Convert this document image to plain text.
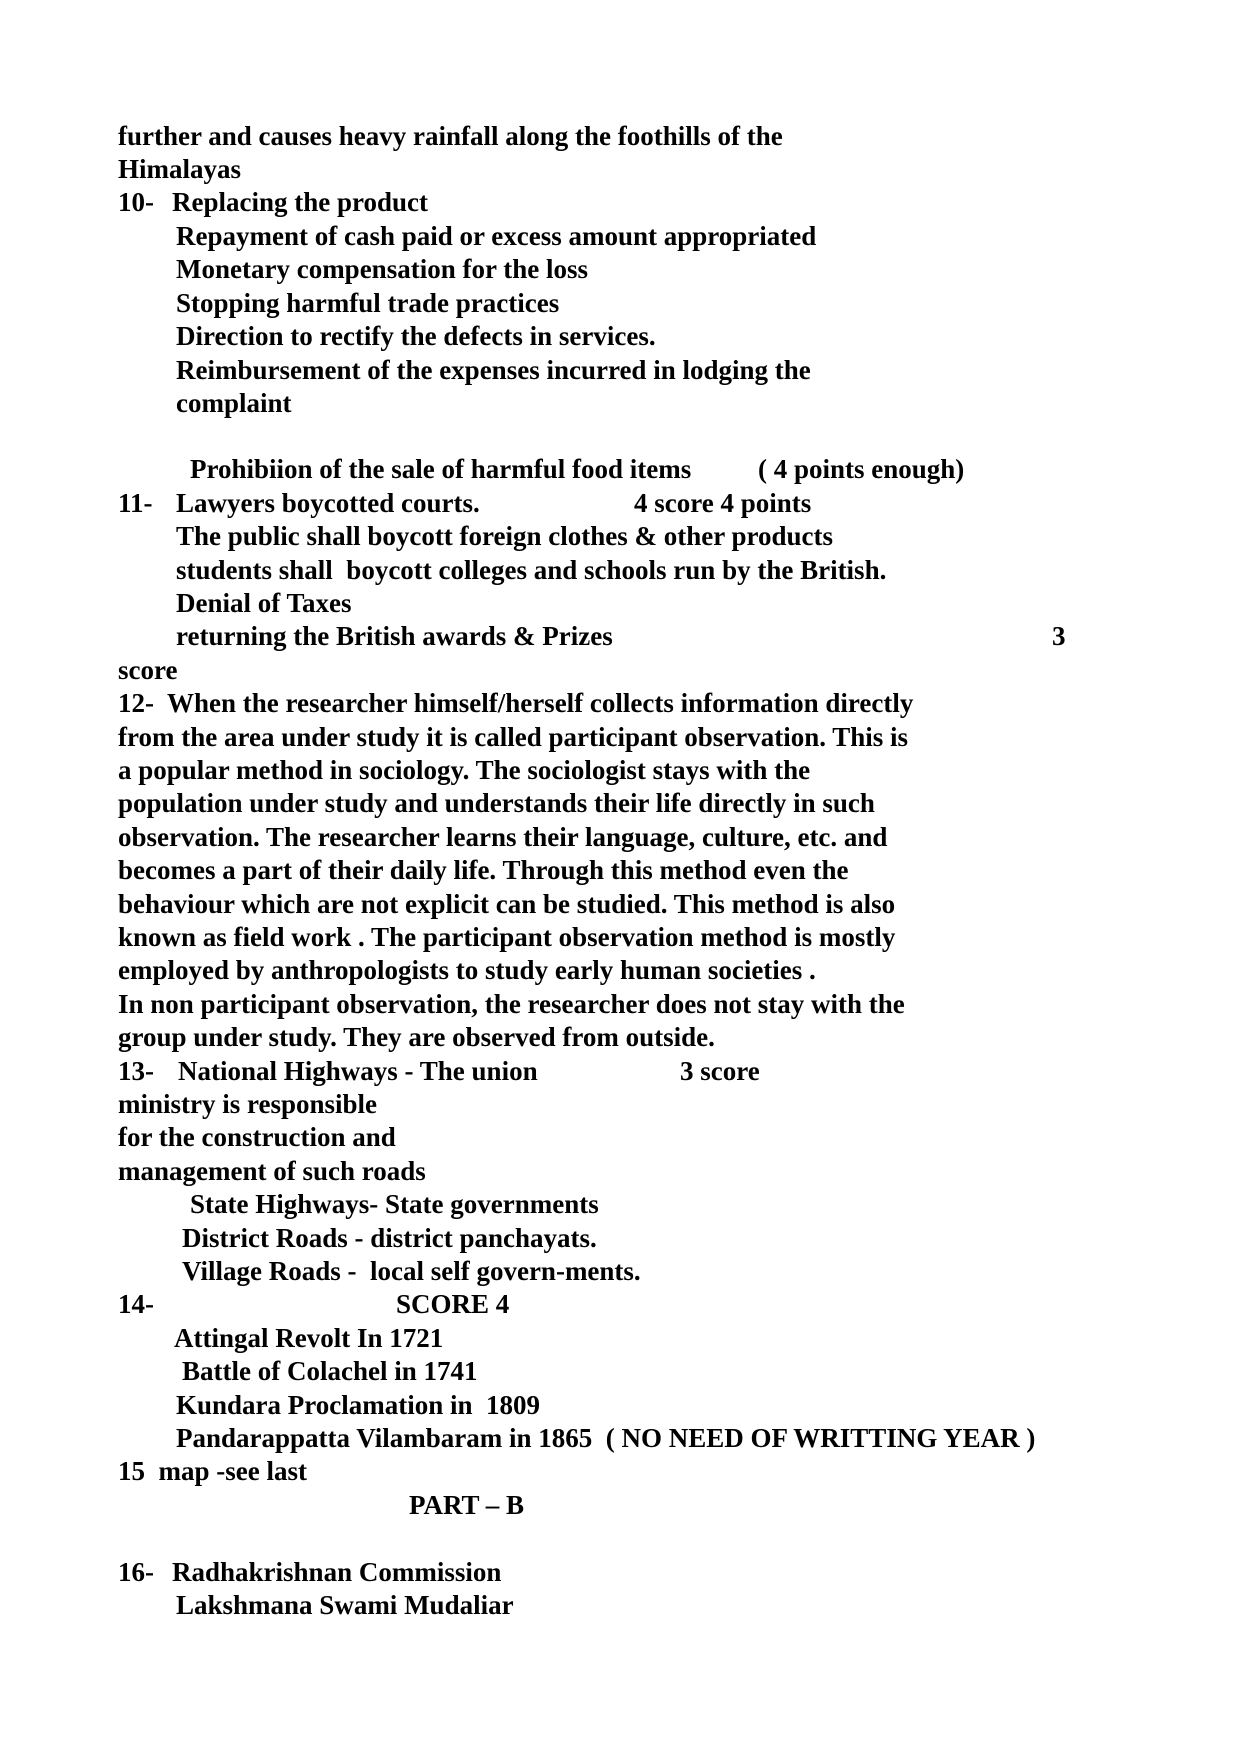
further and causes heavy rainfall along the foothills of the
Himalayas
10- Replacing the product
Repayment of cash paid or excess amount appropriated
Monetary compensation for the loss
Stopping harmful trade practices
Direction to rectify the defects in services.
Reimbursement of the expenses incurred in lodging the
complaint
Prohibiion of the sale of harmful food items ( 4 points enough)
11- Lawyers boycotted courts.	4 score 4 points
The public shall boycott foreign clothes & other products
students shall  boycott colleges and schools run by the British.
Denial of Taxes
returning the British awards & Prizes	3
score
12-  When the researcher himself/herself collects information directly
from the area under study it is called participant observation. This is
a popular method in sociology. The sociologist stays with the
population under study and understands their life directly in such
observation. The researcher learns their language, culture, etc. and
becomes a part of their daily life. Through this method even the
behaviour which are not explicit can be studied. This method is also
known as field work . The participant observation method is mostly
employed by anthropologists to study early human societies .
In non participant observation, the researcher does not stay with the
group under study. They are observed from outside.
13- National Highways - The union	3 score
ministry is responsible
for the construction and
management of such roads
State Highways- State governments
District Roads - district panchayats.
Village Roads -  local self govern-ments.
14-	SCORE 4
Attingal Revolt In 1721
Battle of Colachel in 1741
Kundara Proclamation in  1809
Pandarappatta Vilambaram in 1865  ( NO NEED OF WRITTING YEAR )
15  map -see last
PART – B
16- Radhakrishnan Commission
Lakshmana Swami Mudaliar
